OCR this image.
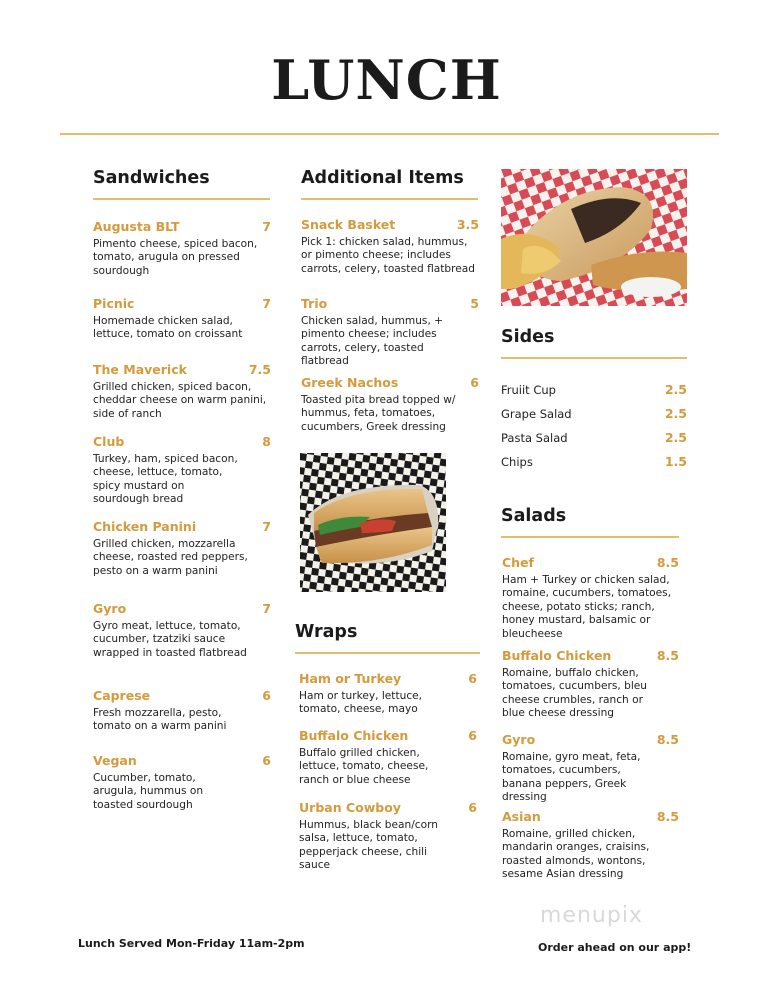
LUNCH
Sandwiches
Augusta BLT	7
Pimento cheese, spiced bacon, tomato, arugula on pressed sourdough
Picnic	7
Homemade chicken salad, lettuce, tomato on croissant
The Maverick	7.5
Grilled chicken, spiced bacon, cheddar cheese on warm panini, side of ranch
Club	8
Turkey, ham, spiced bacon, cheese, lettuce, tomato, spicy mustard on sourdough bread
Chicken Panini	7
Grilled chicken, mozzarella cheese, roasted red peppers, pesto on a warm panini
Gyro	7
Gyro meat, lettuce, tomato, cucumber, tzatziki sauce wrapped in toasted flatbread
Caprese	6
Fresh mozzarella, pesto, tomato on a warm panini
Vegan	6
Cucumber, tomato, arugula, hummus on toasted sourdough
Additional Items
Snack Basket	3.5
Pick 1: chicken salad, hummus, or pimento cheese; includes carrots, celery, toasted flatbread
Trio	5
Chicken salad, hummus, + pimento cheese; includes carrots, celery, toasted flatbread
Greek Nachos	6
Toasted pita bread topped w/ hummus, feta, tomatoes, cucumbers, Greek dressing
Wraps
Ham or Turkey	6
Ham or turkey, lettuce, tomato, cheese, mayo
Buffalo Chicken	6
Buffalo grilled chicken, lettuce, tomato, cheese, ranch or blue cheese
Urban Cowboy	6
Hummus, black bean/corn salsa, lettuce, tomato, pepperjack cheese, chili sauce
Sides
Fruiit Cup	2.5
Grape Salad	2.5
Pasta Salad	2.5
Chips	1.5
Salads
Chef	8.5
Ham + Turkey or chicken salad, romaine, cucumbers, tomatoes, cheese, potato sticks; ranch, honey mustard, balsamic or bleucheese
Buffalo Chicken	8.5
Romaine, buffalo chicken, tomatoes, cucumbers, bleu cheese crumbles, ranch or blue cheese dressing
Gyro	8.5
Romaine, gyro meat, feta, tomatoes, cucumbers, banana peppers, Greek dressing
Asian	8.5
Romaine, grilled chicken, mandarin oranges, craisins, roasted almonds, wontons, sesame Asian dressing
menupix
Lunch Served Mon-Friday 11am-2pm	Order ahead on our app!
